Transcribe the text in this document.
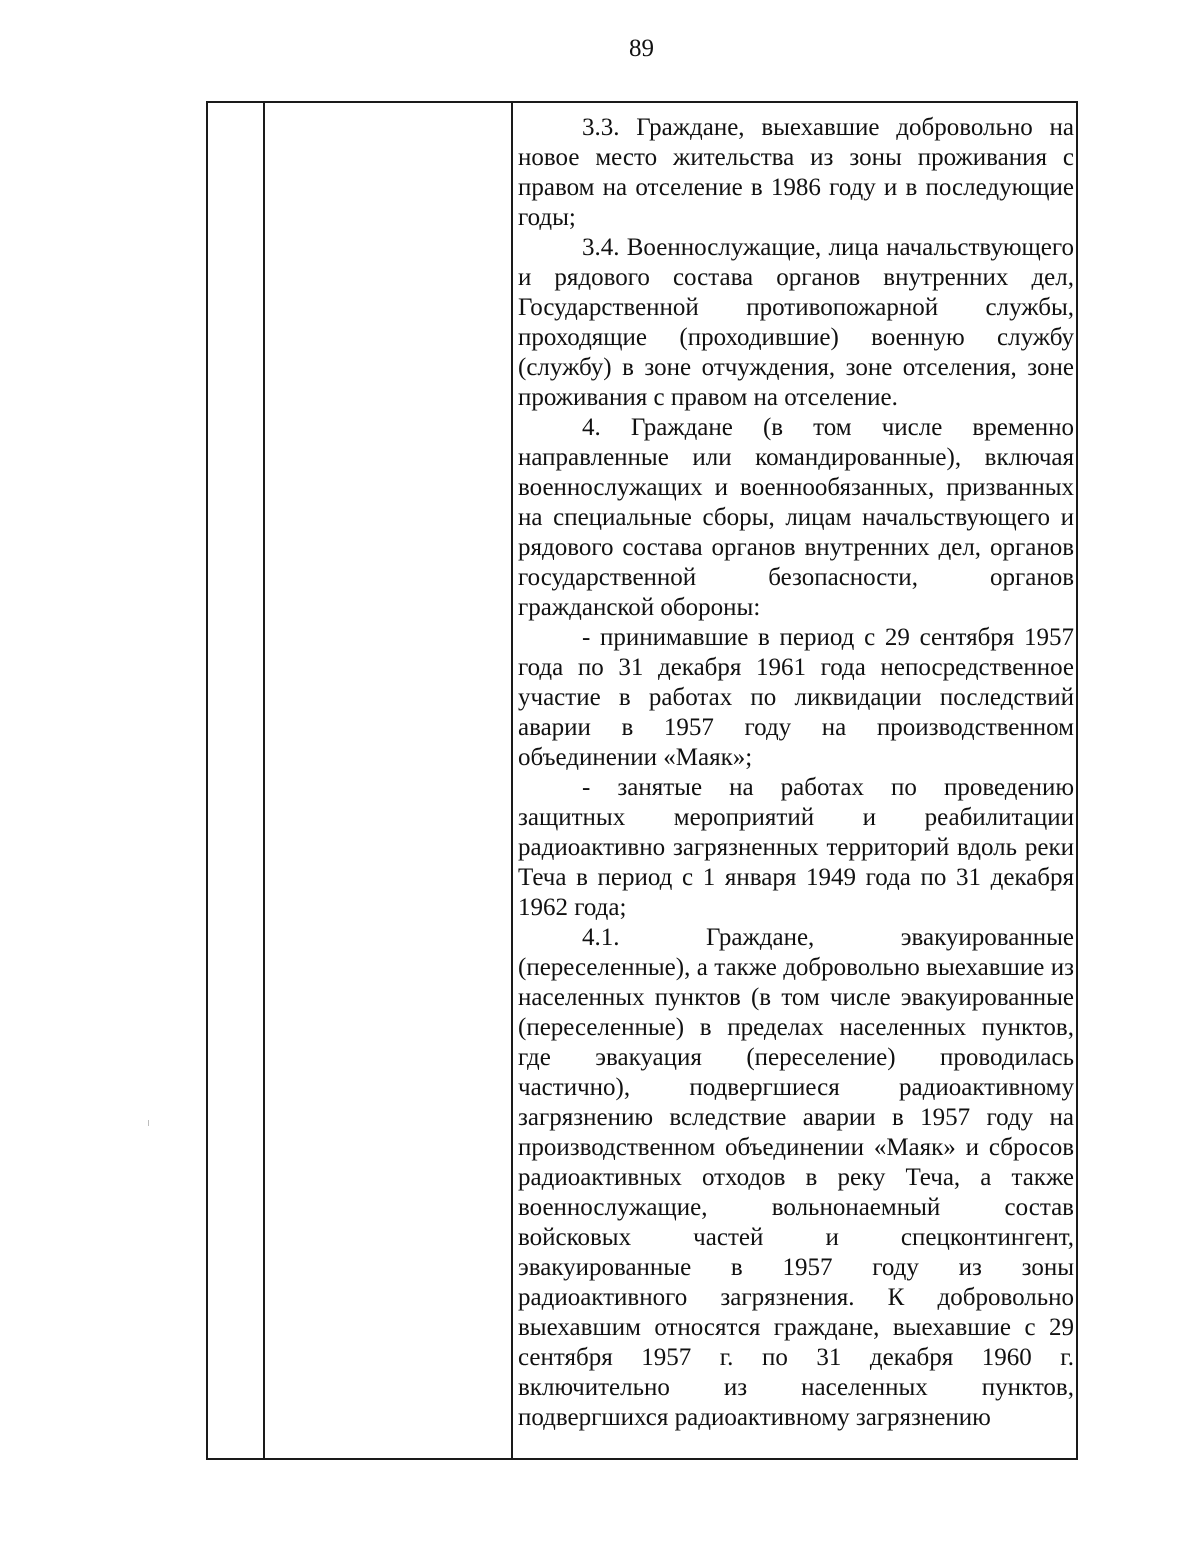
89

3.3. Граждане, выехавшие добровольно на новое место жительства из зоны проживания с правом на отселение в 1986 году и в последующие годы;

3.4. Военнослужащие, лица начальствующего и рядового состава органов внутренних дел, Государственной противопожарной службы, проходящие (проходившие) военную службу (службу) в зоне отчуждения, зоне отселения, зоне проживания с правом на отселение.

4. Граждане (в том числе временно направленные или командированные), включая военнослужащих и военнообязанных, призванных на специальные сборы, лицам начальствующего и рядового состава органов внутренних дел, органов государственной безопасности, органов гражданской обороны:

- принимавшие в период с 29 сентября 1957 года по 31 декабря 1961 года непосредственное участие в работах по ликвидации последствий аварии в 1957 году на производственном объединении «Маяк»;

- занятые на работах по проведению защитных мероприятий и реабилитации радиоактивно загрязненных территорий вдоль реки Теча в период с 1 января 1949 года по 31 декабря 1962 года;

4.1. Граждане, эвакуированные (переселенные), а также добровольно выехавшие из населенных пунктов (в том числе эвакуированные (переселенные) в пределах населенных пунктов, где эвакуация (переселение) проводилась частично), подвергшиеся радиоактивному загрязнению вследствие аварии в 1957 году на производственном объединении «Маяк» и сбросов радиоактивных отходов в реку Теча, а также военнослужащие, вольнонаемный состав войсковых частей и спецконтингент, эвакуированные в 1957 году из зоны радиоактивного загрязнения. К добровольно выехавшим относятся граждане, выехавшие с 29 сентября 1957 г. по 31 декабря 1960 г. включительно из населенных пунктов, подвергшихся радиоактивному загрязнению
